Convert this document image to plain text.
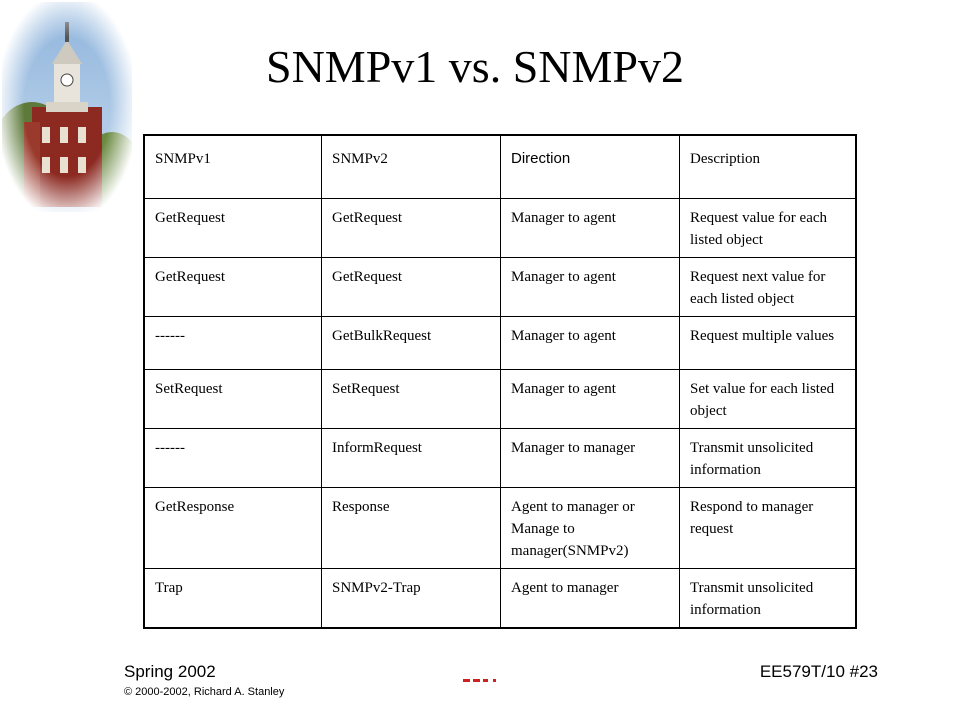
SNMPv1 vs. SNMPv2
SNMPv1	SNMPv2	Direction	Description
GetRequest	GetRequest	Manager to agent	Request value for each listed object
GetRequest	GetRequest	Manager to agent	Request next value for each listed object
------	GetBulkRequest	Manager to agent	Request multiple values
SetRequest	SetRequest	Manager to agent	Set value for each listed object
------	InformRequest	Manager to manager	Transmit unsolicited information
GetResponse	Response	Agent to manager or Manage to manager(SNMPv2)	Respond to manager request
Trap	SNMPv2-Trap	Agent to manager	Transmit unsolicited information
Spring 2002
© 2000-2002, Richard A. Stanley
EE579T/10 #23
